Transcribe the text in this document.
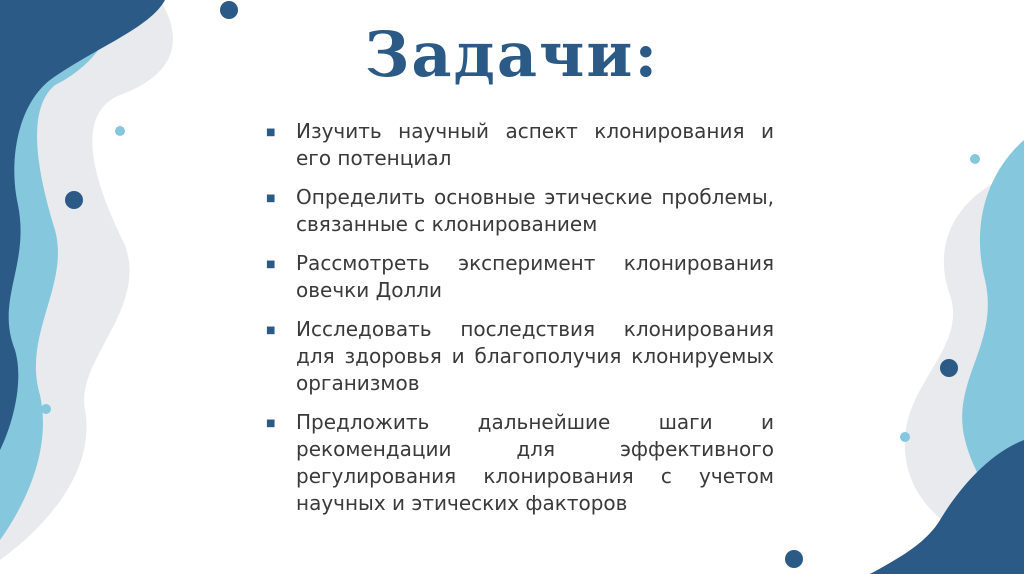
Задачи:
■ Изучить научный аспект клонирования и его потенциал
■ Определить основные этические проблемы, связанные с клонированием
■ Рассмотреть эксперимент клонирования овечки Долли
■ Исследовать последствия клонирования для здоровья и благополучия клонируемых организмов
■ Предложить дальнейшие шаги и рекомендации для эффективного регулирования клонирования с учетом научных и этических факторов
